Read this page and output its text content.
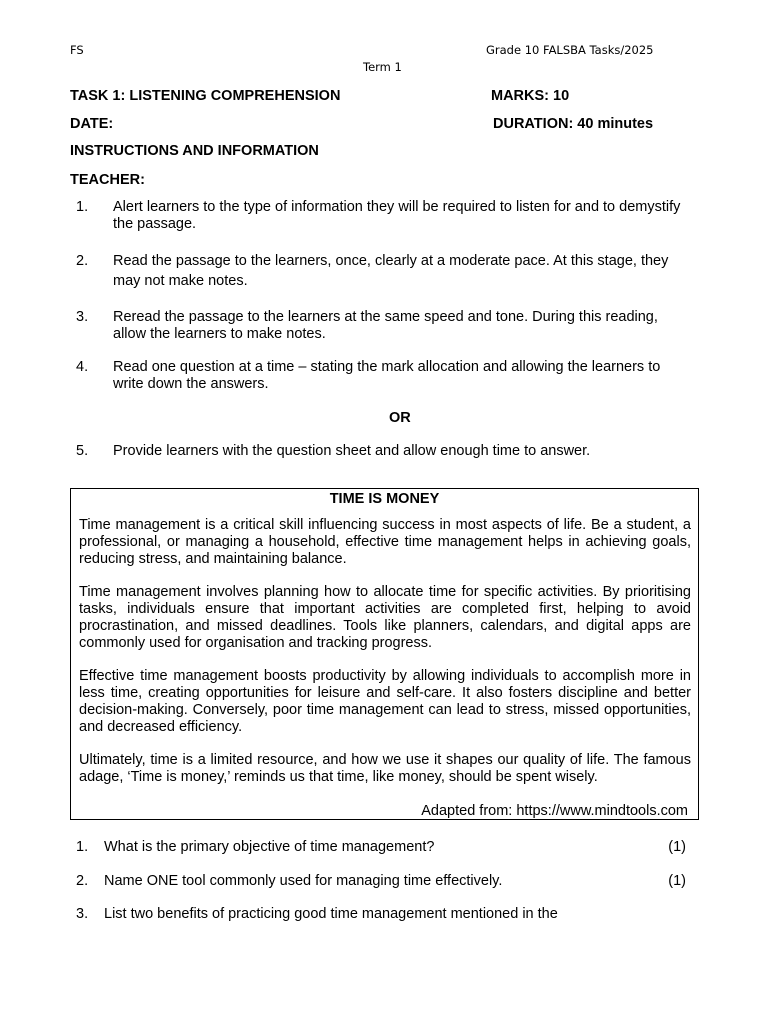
FS	Grade 10 FALSBA Tasks/2025
Term 1
TASK 1: LISTENING COMPREHENSION	MARKS: 10
DATE:	DURATION: 40 minutes
INSTRUCTIONS AND INFORMATION
TEACHER:
1. Alert learners to the type of information they will be required to listen for and to demystify the passage.
2. Read the passage to the learners, once, clearly at a moderate pace. At this stage, they may not make notes.
3. Reread the passage to the learners at the same speed and tone. During this reading, allow the learners to make notes.
4. Read one question at a time – stating the mark allocation and allowing the learners to write down the answers.
OR
5. Provide learners with the question sheet and allow enough time to answer.
TIME IS MONEY
Time management is a critical skill influencing success in most aspects of life. Be a student, a professional, or managing a household, effective time management helps in achieving goals, reducing stress, and maintaining balance.
Time management involves planning how to allocate time for specific activities. By prioritising tasks, individuals ensure that important activities are completed first, helping to avoid procrastination, and missed deadlines. Tools like planners, calendars, and digital apps are commonly used for organisation and tracking progress.
Effective time management boosts productivity by allowing individuals to accomplish more in less time, creating opportunities for leisure and self-care. It also fosters discipline and better decision-making. Conversely, poor time management can lead to stress, missed opportunities, and decreased efficiency.
Ultimately, time is a limited resource, and how we use it shapes our quality of life. The famous adage, ‘Time is money,’ reminds us that time, like money, should be spent wisely.
Adapted from: https://www.mindtools.com
1. What is the primary objective of time management?	(1)
2. Name ONE tool commonly used for managing time effectively.	(1)
3. List two benefits of practicing good time management mentioned in the
